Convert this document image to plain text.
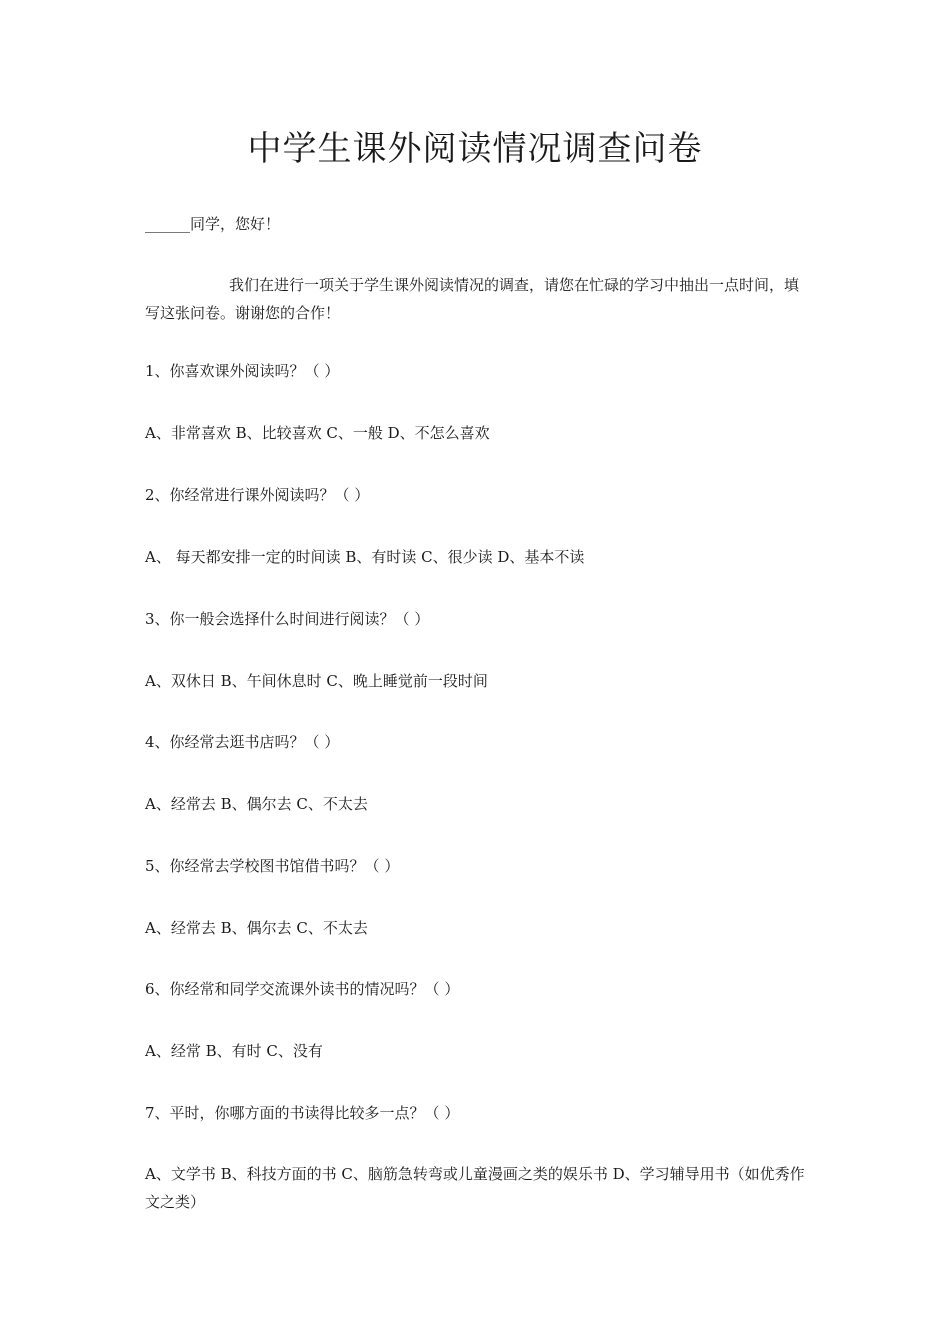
中学生课外阅读情况调查问卷
______同学，您好！
我们在进行一项关于学生课外阅读情况的调查，请您在忙碌的学习中抽出一点时间，填写这张问卷。谢谢您的合作！
1、你喜欢课外阅读吗？（ ）
A、非常喜欢 B、比较喜欢 C、一般 D、不怎么喜欢
2、你经常进行课外阅读吗？（ ）
A、 每天都安排一定的时间读 B、有时读 C、很少读 D、基本不读
3、你一般会选择什么时间进行阅读？（ ）
A、双休日 B、午间休息时 C、晚上睡觉前一段时间
4、你经常去逛书店吗？（ ）
A、经常去 B、偶尔去 C、不太去
5、你经常去学校图书馆借书吗？（ ）
A、经常去 B、偶尔去 C、不太去
6、你经常和同学交流课外读书的情况吗？（ ）
A、经常 B、有时 C、没有
7、平时，你哪方面的书读得比较多一点？（ ）
A、文学书 B、科技方面的书 C、脑筋急转弯或儿童漫画之类的娱乐书 D、学习辅导用书（如优秀作文之类）
